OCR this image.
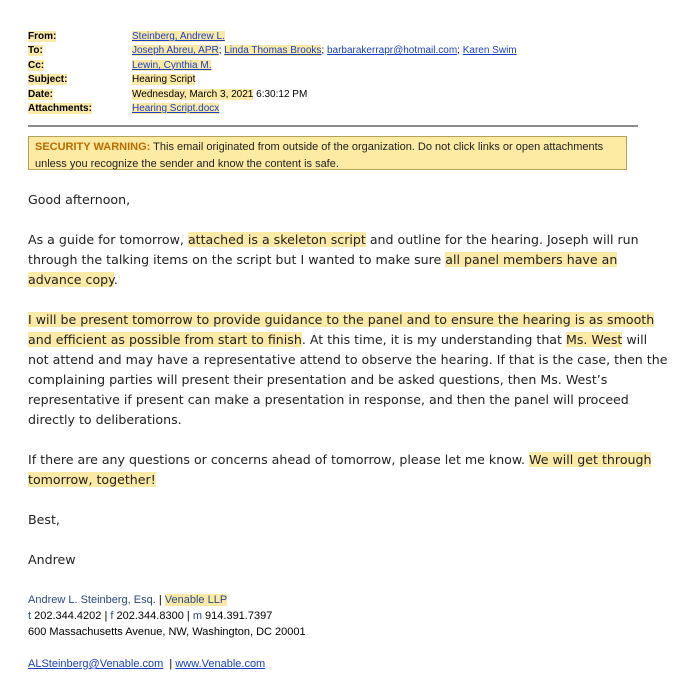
From:	Steinberg, Andrew L.
To:	Joseph Abreu, APR; Linda Thomas Brooks; barbarakerrapr@hotmail.com; Karen Swim
Cc:	Lewin, Cynthia M.
Subject:	Hearing Script
Date:	Wednesday, March 3, 2021 6:30:12 PM
Attachments:	Hearing Script.docx
SECURITY WARNING: This email originated from outside of the organization. Do not click links or open attachments
unless you recognize the sender and know the content is safe.

Good afternoon,

As a guide for tomorrow, attached is a skeleton script and outline for the hearing. Joseph will run
through the talking items on the script but I wanted to make sure all panel members have an
advance copy.

I will be present tomorrow to provide guidance to the panel and to ensure the hearing is as smooth
and efficient as possible from start to finish. At this time, it is my understanding that Ms. West will
not attend and may have a representative attend to observe the hearing. If that is the case, then the
complaining parties will present their presentation and be asked questions, then Ms. West’s
representative if present can make a presentation in response, and then the panel will proceed
directly to deliberations.

If there are any questions or concerns ahead of tomorrow, please let me know. We will get through
tomorrow, together!

Best,

Andrew

Andrew L. Steinberg, Esq. | Venable LLP
t 202.344.4202 | f 202.344.8300 | m 914.391.7397
600 Massachusetts Avenue, NW, Washington, DC 20001
ALSteinberg@Venable.com  | www.Venable.com
